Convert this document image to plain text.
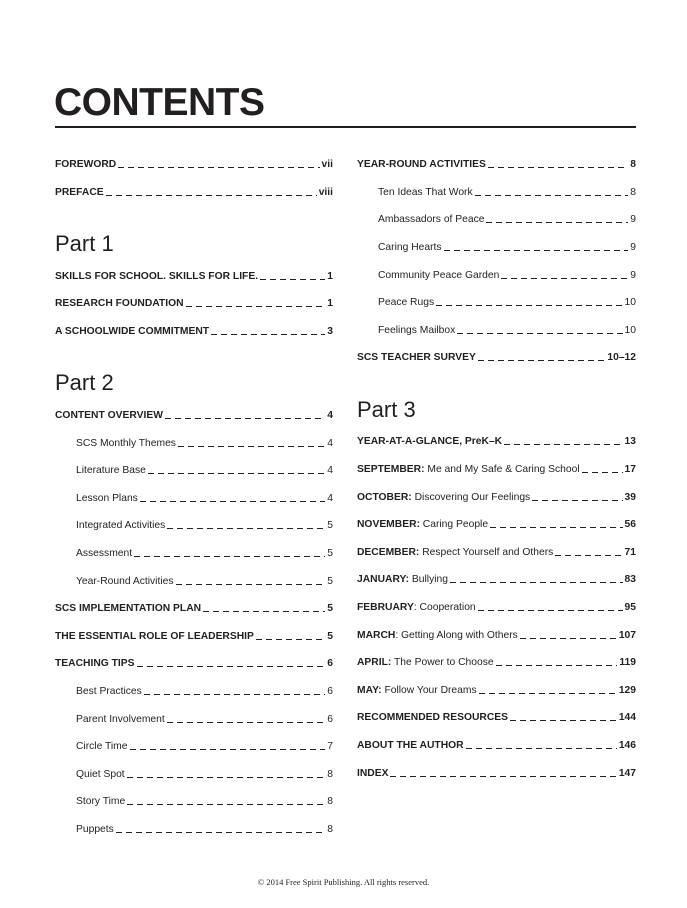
CONTENTS
FOREWORD	vii
PREFACE	viii
Part 1
SKILLS FOR SCHOOL. SKILLS FOR LIFE.	1
RESEARCH FOUNDATION	1
A SCHOOLWIDE COMMITMENT	3
Part 2
CONTENT OVERVIEW	4
SCS Monthly Themes	4
Literature Base	4
Lesson Plans	4
Integrated Activities	5
Assessment	5
Year-Round Activities	5
SCS IMPLEMENTATION PLAN	5
THE ESSENTIAL ROLE OF LEADERSHIP	5
TEACHING TIPS	6
Best Practices	6
Parent Involvement	6
Circle Time	7
Quiet Spot	8
Story Time	8
Puppets	8
YEAR-ROUND ACTIVITIES	8
Ten Ideas That Work	8
Ambassadors of Peace	9
Caring Hearts	9
Community Peace Garden	9
Peace Rugs	10
Feelings Mailbox	10
SCS TEACHER SURVEY	10–12
Part 3
YEAR-AT-A-GLANCE, PreK–K	13
SEPTEMBER: Me and My Safe & Caring School	17
OCTOBER: Discovering Our Feelings	39
NOVEMBER: Caring People	56
DECEMBER: Respect Yourself and Others	71
JANUARY: Bullying	83
FEBRUARY: Cooperation	95
MARCH: Getting Along with Others	107
APRIL: The Power to Choose	119
MAY: Follow Your Dreams	129
RECOMMENDED RESOURCES	144
ABOUT THE AUTHOR	146
INDEX	147
© 2014 Free Spirit Publishing. All rights reserved.
